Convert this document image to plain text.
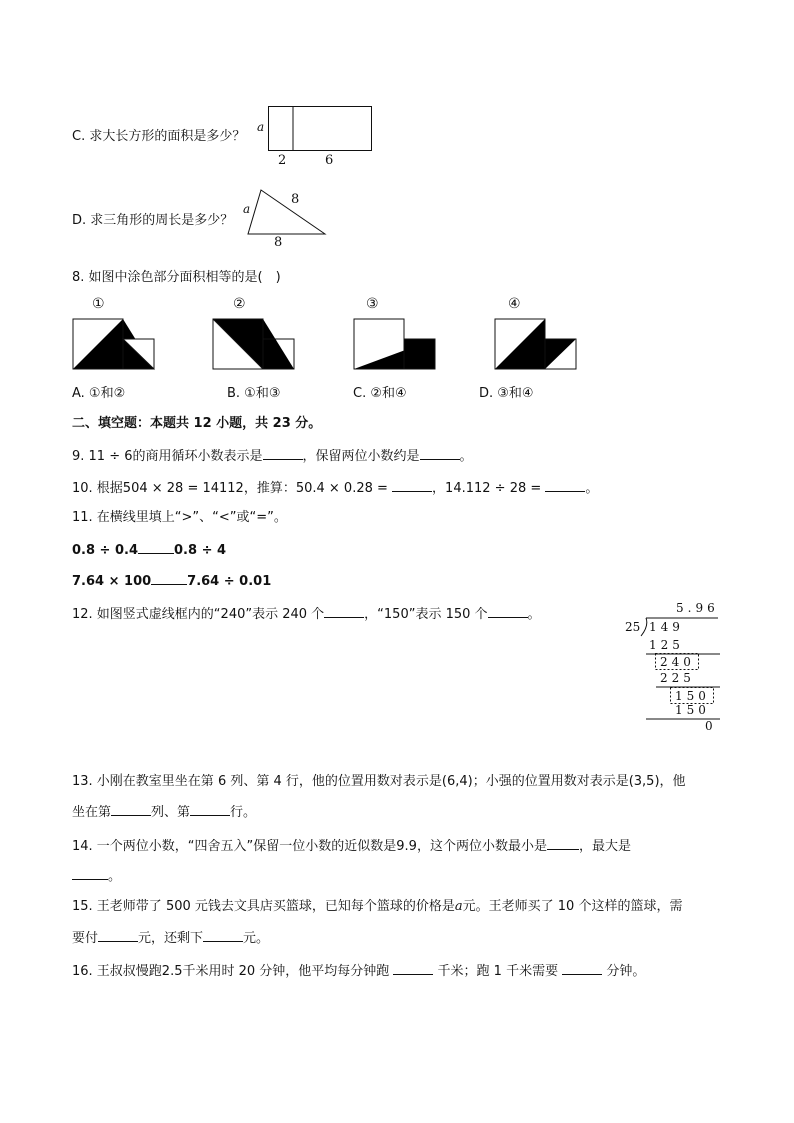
C. 求大长方形的面积是多少？
a
2	6
D. 求三角形的周长是多少？
a
8
8
8. 如图中涂色部分面积相等的是(　)
①	②	③	④
A. ①和②	B. ①和③	C. ②和④	D. ③和④
二、填空题：本题共 12 小题，共 23 分。
9. 11 ÷ 6的商用循环小数表示是	，保留两位小数约是	。
10. 根据504 × 28 = 14112，推算：50.4 × 0.28 =	，14.112 ÷ 28 =	。
11. 在横线里填上“>”、“<”或“=”。
0.8 ÷ 0.4	0.8 ÷ 4
7.64 × 100	7.64 ÷ 0.01
12. 如图竖式虚线框内的“240”表示 240 个	，“150”表示 150 个	。	5.96
25 149
125
240
225
150
150
0
13. 小刚在教室里坐在第 6 列、第 4 行，他的位置用数对表示是(6,4)；小强的位置用数对表示是(3,5)，他
坐在第	列、第	行。
14. 一个两位小数，“四舍五入”保留一位小数的近似数是9.9，这个两位小数最小是 ，最大是
。
15. 王老师带了 500 元钱去文具店买篮球，已知每个篮球的价格是a元。王老师买了 10 个这样的篮球，需
要付	元，还剩下	元。
16. 王叔叔慢跑2.5千米用时 20 分钟，他平均每分钟跑	千米；跑 1 千米需要	分钟。
